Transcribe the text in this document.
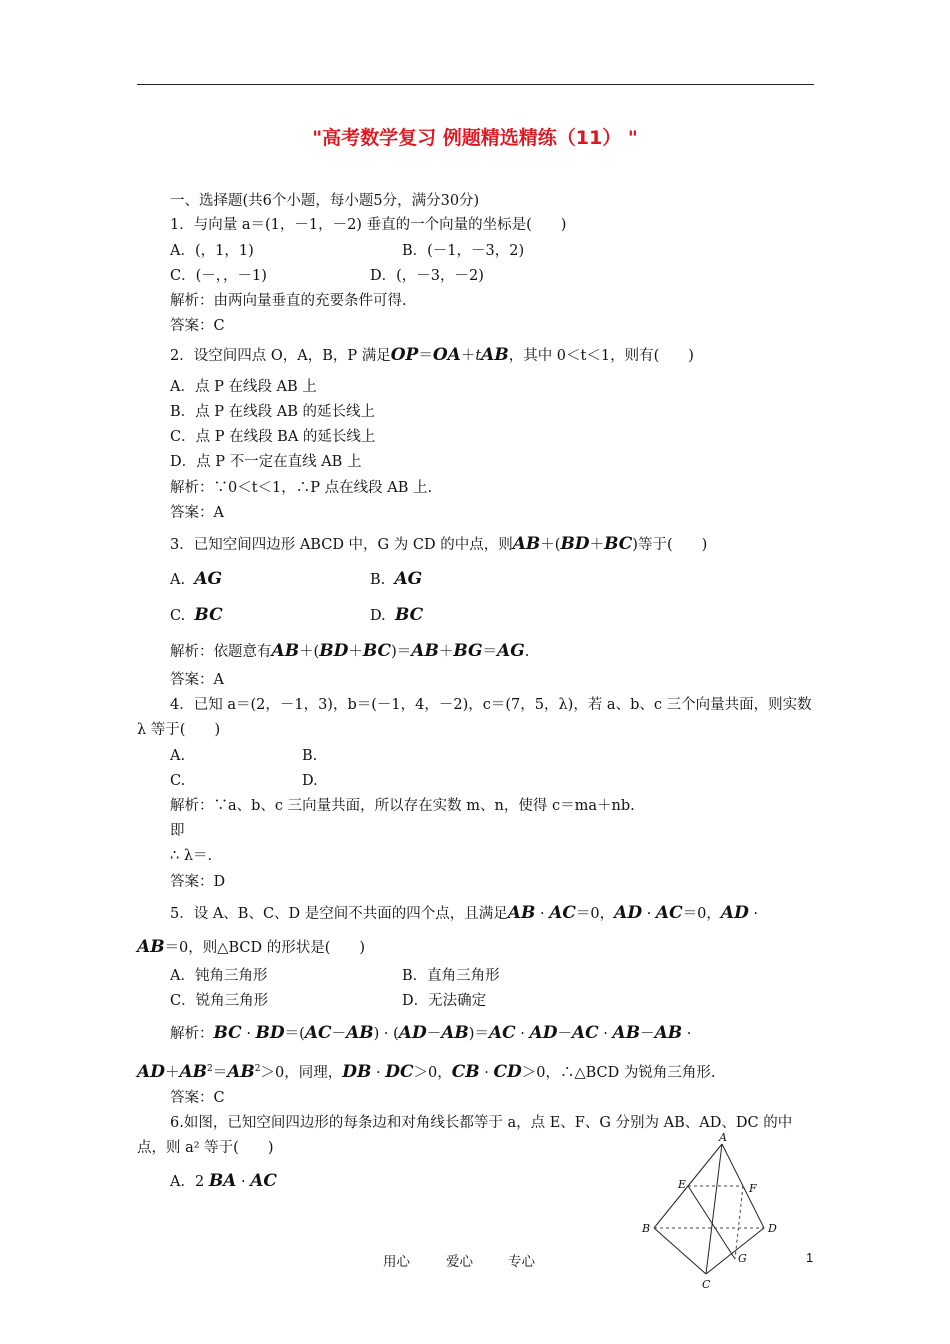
"高考数学复习 例题精选精练（11） "
一、选择题(共6个小题，每小题5分，满分30分)
1．与向量 a＝(1，－1，－2) 垂直的一个向量的坐标是(　　)
A．(，1，1)	B．(－1，－3，2)
C．(－，，－1)	D．(，－3，－2)
解析：由两向量垂直的充要条件可得.
答案：C
2．设空间四点 O，A，B，P 满足OP＝OA＋tAB，其中 0＜t＜1，则有(　　)
A．点 P 在线段 AB 上
B．点 P 在线段 AB 的延长线上
C．点 P 在线段 BA 的延长线上
D．点 P 不一定在直线 AB 上
解析：∵0＜t＜1，∴P 点在线段 AB 上.
答案：A
3．已知空间四边形 ABCD 中，G 为 CD 的中点，则AB＋(BD＋BC)等于(　　)
A. AG	B. AG
C. BC	D. BC
解析：依题意有AB＋(BD＋BC)＝AB＋BG＝AG.
答案：A
4．已知 a＝(2，－1，3)，b＝(－1，4，－2)，c＝(7，5，λ)，若 a、b、c 三个向量共面，则实数
λ 等于(　　)
A.	B.
C.	D.
解析：∵a、b、c 三向量共面，所以存在实数 m、n，使得 c＝ma＋nb.
即
∴ λ＝.
答案：D
5．设 A、B、C、D 是空间不共面的四个点，且满足AB · AC＝0，AD · AC＝0，AD ·
AB＝0，则△BCD 的形状是(　　)
A．钝角三角形	B．直角三角形
C．锐角三角形	D．无法确定
解析：BC · BD＝(AC－AB) · (AD－AB)＝AC · AD－AC · AB－AB ·
$AD+AB^2=AB^2>0$，同理，DB · DC＞0，CB · CD＞0，∴△BCD 为锐角三角形.
答案：C
6.如图，已知空间四边形的每条边和对角线长都等于 a，点 E、F、G 分别为 AB、AD、DC 的中
点，则 a² 等于(　　)
A．2 BA · AC
A
B
C
D
E	F
G
用心	爱心	专心	1
